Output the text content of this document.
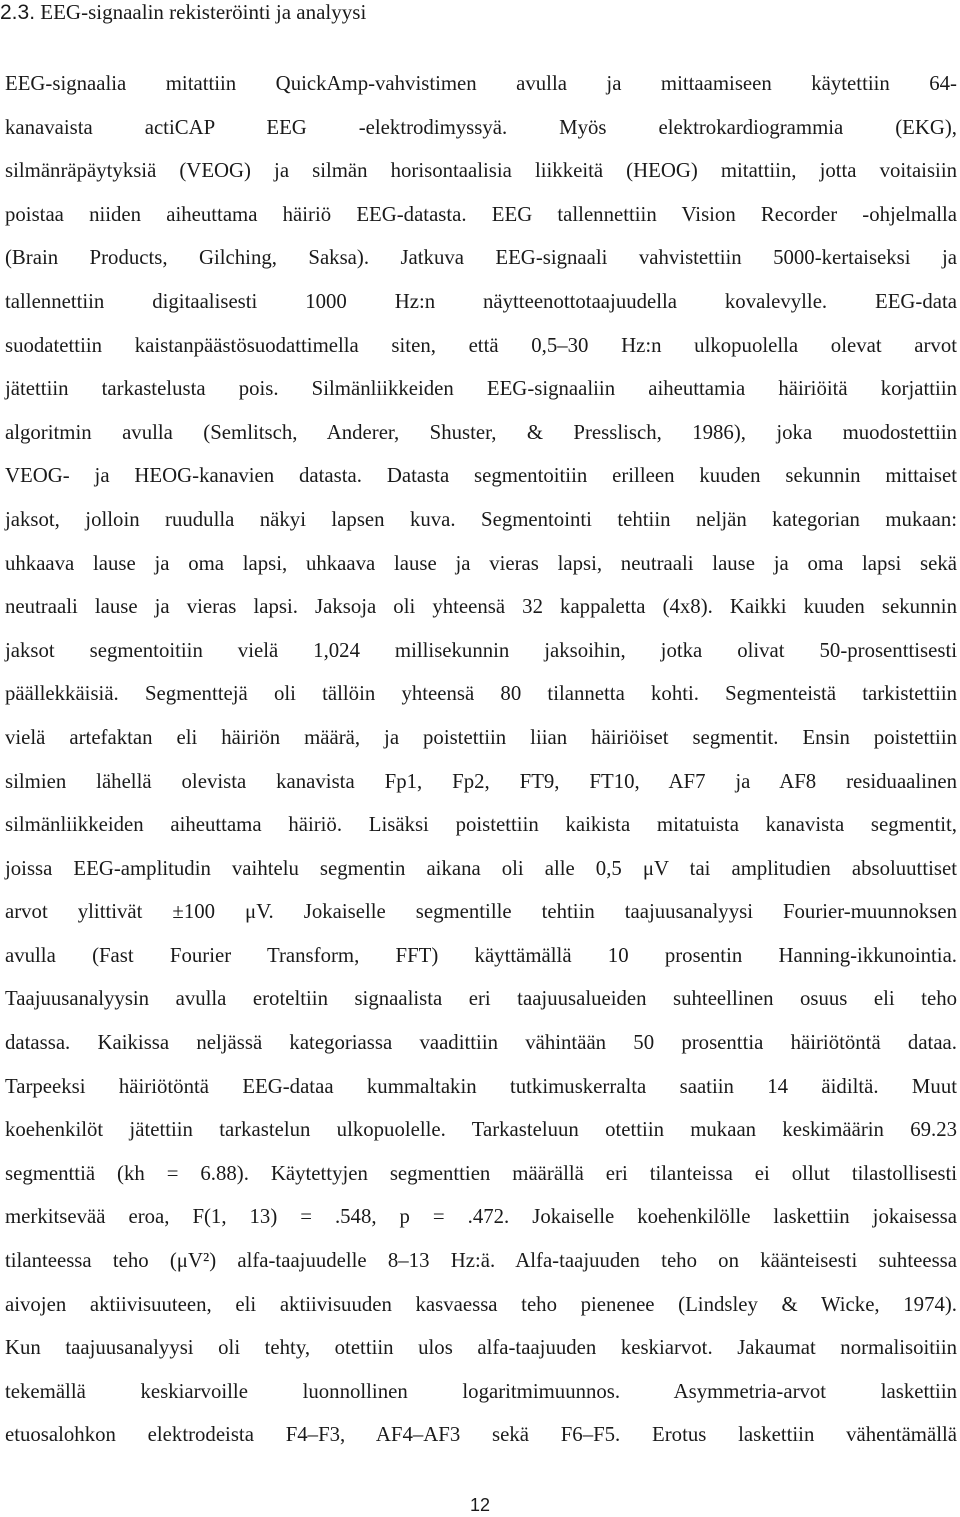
2.3. EEG-signaalin rekisteröinti ja analyysi
EEG-signaalia mitattiin QuickAmp-vahvistimen avulla ja mittaamiseen käytettiin 64-
kanavaista actiCAP EEG -elektrodimyssyä. Myös elektrokardiogrammia (EKG),
silmänräpäytyksiä (VEOG) ja silmän horisontaalisia liikkeitä (HEOG) mitattiin, jotta voitaisiin
poistaa niiden aiheuttama häiriö EEG-datasta. EEG tallennettiin Vision Recorder -ohjelmalla
(Brain Products, Gilching, Saksa). Jatkuva EEG-signaali vahvistettiin 5000-kertaiseksi ja
tallennettiin digitaalisesti 1000 Hz:n näytteenottotaajuudella kovalevylle. EEG-data
suodatettiin kaistanpäästösuodattimella siten, että 0,5–30 Hz:n ulkopuolella olevat arvot
jätettiin tarkastelusta pois. Silmänliikkeiden EEG-signaaliin aiheuttamia häiriöitä korjattiin
algoritmin avulla (Semlitsch, Anderer, Shuster, & Presslisch, 1986), joka muodostettiin
VEOG- ja HEOG-kanavien datasta. Datasta segmentoitiin erilleen kuuden sekunnin mittaiset
jaksot, jolloin ruudulla näkyi lapsen kuva. Segmentointi tehtiin neljän kategorian mukaan:
uhkaava lause ja oma lapsi, uhkaava lause ja vieras lapsi, neutraali lause ja oma lapsi sekä
neutraali lause ja vieras lapsi. Jaksoja oli yhteensä 32 kappaletta (4x8). Kaikki kuuden sekunnin
jaksot segmentoitiin vielä 1,024 millisekunnin jaksoihin, jotka olivat 50-prosenttisesti
päällekkäisiä. Segmenttejä oli tällöin yhteensä 80 tilannetta kohti. Segmenteistä tarkistettiin
vielä artefaktan eli häiriön määrä, ja poistettiin liian häiriöiset segmentit. Ensin poistettiin
silmien lähellä olevista kanavista Fp1, Fp2, FT9, FT10, AF7 ja AF8 residuaalinen
silmänliikkeiden aiheuttama häiriö. Lisäksi poistettiin kaikista mitatuista kanavista segmentit,
joissa EEG-amplitudin vaihtelu segmentin aikana oli alle 0,5 μV tai amplitudien absoluuttiset
arvot ylittivät ±100 μV. Jokaiselle segmentille tehtiin taajuusanalyysi Fourier-muunnoksen
avulla (Fast Fourier Transform, FFT) käyttämällä 10 prosentin Hanning-ikkunointia.
Taajuusanalyysin avulla eroteltiin signaalista eri taajuusalueiden suhteellinen osuus eli teho
datassa. Kaikissa neljässä kategoriassa vaadittiin vähintään 50 prosenttia häiriötöntä dataa.
Tarpeeksi häiriötöntä EEG-dataa kummaltakin tutkimuskerralta saatiin 14 äidiltä. Muut
koehenkilöt jätettiin tarkastelun ulkopuolelle. Tarkasteluun otettiin mukaan keskimäärin 69.23
segmenttiä (kh = 6.88). Käytettyjen segmenttien määrällä eri tilanteissa ei ollut tilastollisesti
merkitsevää eroa, F(1, 13) = .548, p = .472. Jokaiselle koehenkilölle laskettiin jokaisessa
tilanteessa teho (μV²) alfa-taajuudelle 8–13 Hz:ä. Alfa-taajuuden teho on käänteisesti suhteessa
aivojen aktiivisuuteen, eli aktiivisuuden kasvaessa teho pienenee (Lindsley & Wicke, 1974).
Kun taajuusanalyysi oli tehty, otettiin ulos alfa-taajuuden keskiarvot. Jakaumat normalisoitiin
tekemällä keskiarvoille luonnollinen logaritmimuunnos. Asymmetria-arvot laskettiin
etuosalohkon elektrodeista F4–F3, AF4–AF3 sekä F6–F5. Erotus laskettiin vähentämällä
12
